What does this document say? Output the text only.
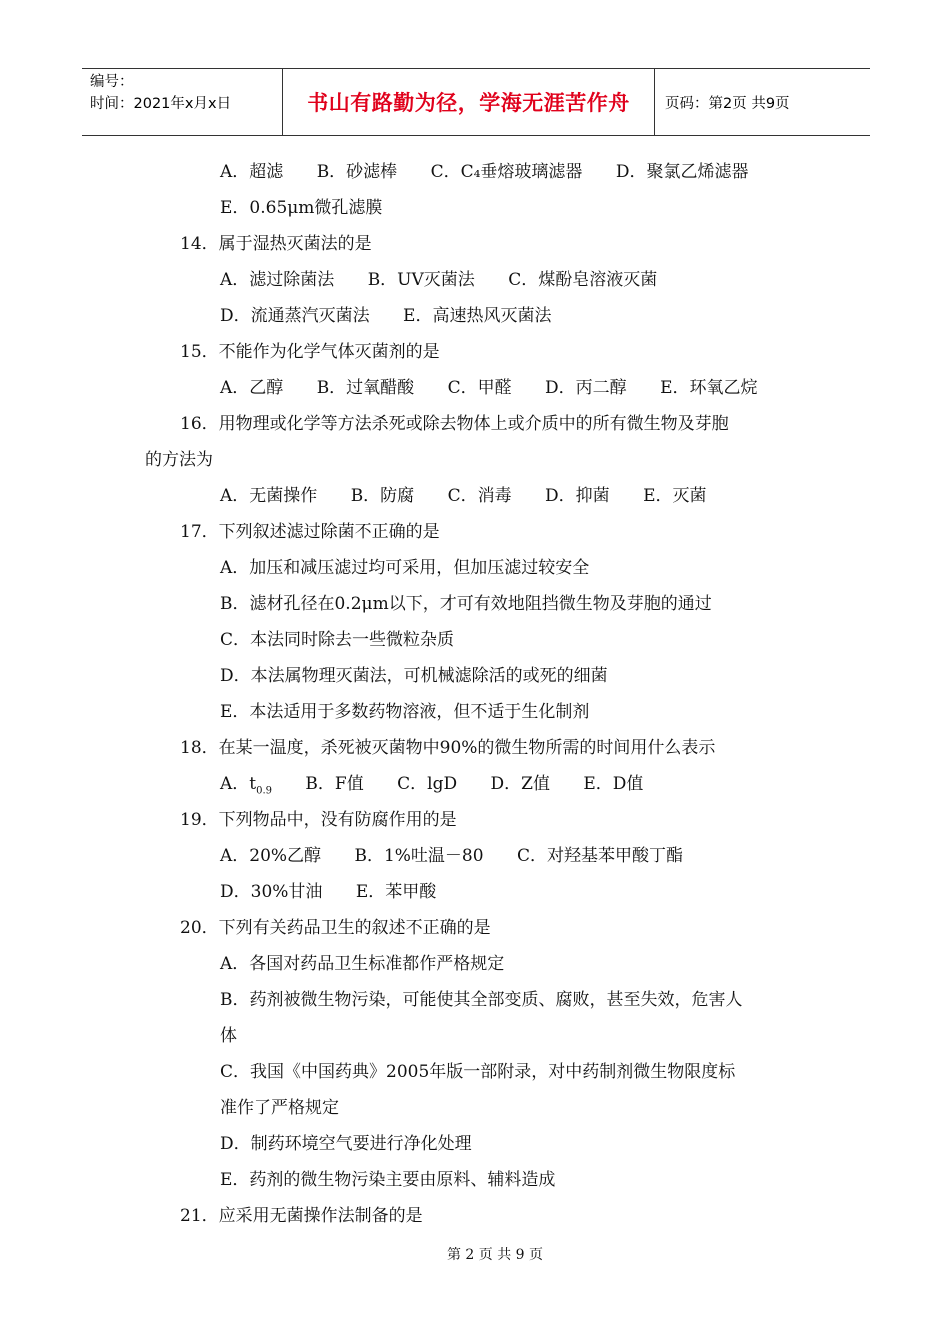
编号：
时间：2021年x月x日	书山有路勤为径，学海无涯苦作舟	页码：第2页 共9页
A．超滤 B．砂滤棒 C．C₄垂熔玻璃滤器 D．聚氯乙烯滤器
E．0.65μm微孔滤膜
14．属于湿热灭菌法的是
A．滤过除菌法 B．UV灭菌法 C．煤酚皂溶液灭菌
D．流通蒸汽灭菌法 E．高速热风灭菌法
15．不能作为化学气体灭菌剂的是
A．乙醇 B．过氧醋酸 C．甲醛 D．丙二醇 E．环氧乙烷
16．用物理或化学等方法杀死或除去物体上或介质中的所有微生物及芽胞
的方法为
A．无菌操作 B．防腐 C．消毒 D．抑菌 E．灭菌
17．下列叙述滤过除菌不正确的是
A．加压和减压滤过均可采用，但加压滤过较安全
B．滤材孔径在0.2μm以下，才可有效地阻挡微生物及芽胞的通过
C．本法同时除去一些微粒杂质
D．本法属物理灭菌法，可机械滤除活的或死的细菌
E．本法适用于多数药物溶液，但不适于生化制剂
18．在某一温度，杀死被灭菌物中90%的微生物所需的时间用什么表示
A．$t_{0.9}$ B．F值 C．lgD D．Z值 E．D值
19．下列物品中，没有防腐作用的是
A．20%乙醇 B．1%吐温－80 C．对羟基苯甲酸丁酯
D．30%甘油 E．苯甲酸
20．下列有关药品卫生的叙述不正确的是
A．各国对药品卫生标准都作严格规定
B．药剂被微生物污染，可能使其全部变质、腐败，甚至失效，危害人
体
C．我国《中国药典》2005年版一部附录，对中药制剂微生物限度标
准作了严格规定
D．制药环境空气要进行净化处理
E．药剂的微生物污染主要由原料、辅料造成
21．应采用无菌操作法制备的是
第 2 页 共 9 页
